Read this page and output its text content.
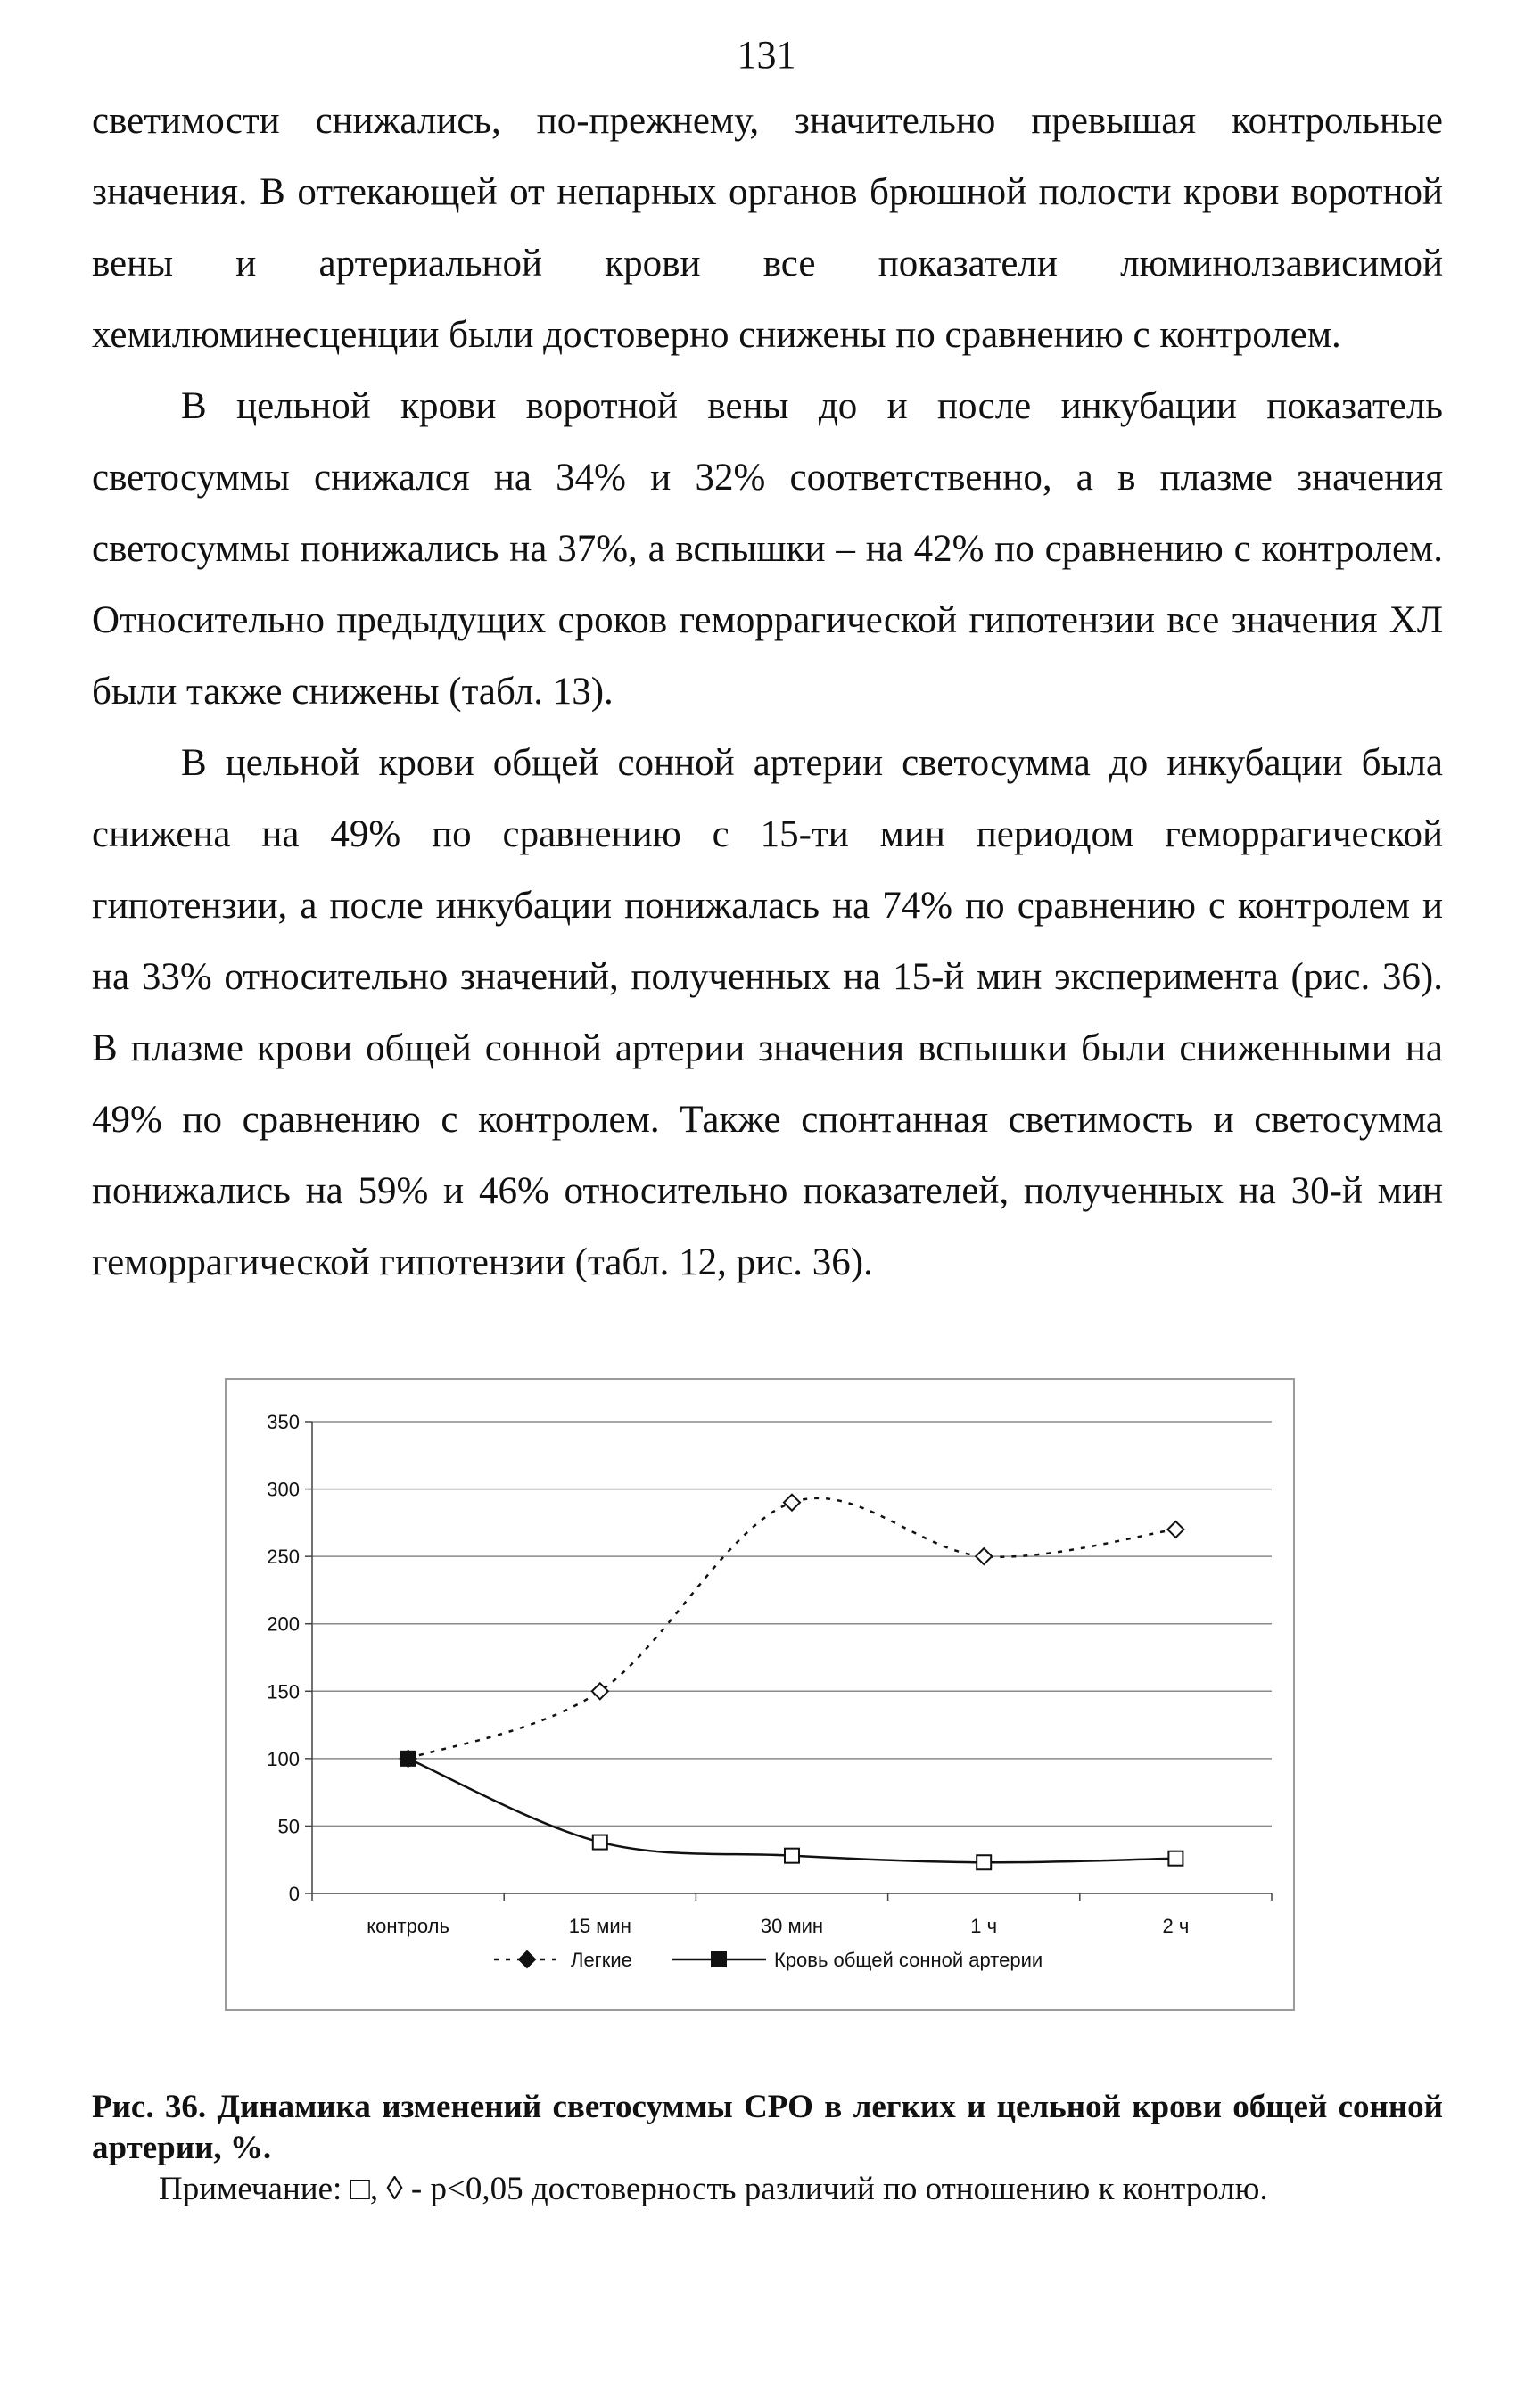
131

светимости снижались, по-прежнему, значительно превышая контрольные значения. В оттекающей от непарных органов брюшной полости крови воротной вены и артериальной крови все показатели люминолзависимой хемилюминесценции были достоверно снижены по сравнению с контролем.

В цельной крови воротной вены до и после инкубации показатель светосуммы снижался на 34% и 32% соответственно, а в плазме значения светосуммы понижались на 37%, а вспышки – на 42% по сравнению с контролем. Относительно предыдущих сроков геморрагической гипотензии все значения ХЛ были также снижены (табл. 13).

В цельной крови общей сонной артерии светосумма до инкубации была снижена на 49% по сравнению с 15-ти мин периодом геморрагической гипотензии, а после инкубации понижалась на 74% по сравнению с контролем и на 33% относительно значений, полученных на 15-й мин эксперимента (рис. 36). В плазме крови общей сонной артерии значения вспышки были сниженными на 49% по сравнению с контролем. Также спонтанная светимость и светосумма понижались на 59% и 46% относительно показателей, полученных на 30-й мин геморрагической гипотензии (табл. 12, рис. 36).

0
50
100
150
200
250
300
350
контроль	15 мин	30 мин	1 ч	2 ч
Легкие	Кровь общей сонной артерии
Рис. 36. Динамика изменений светосуммы СРО в легких и цельной крови общей сонной артерии, %.
Примечание: □, ◊ - p<0,05 достоверность различий по отношению к контролю.
